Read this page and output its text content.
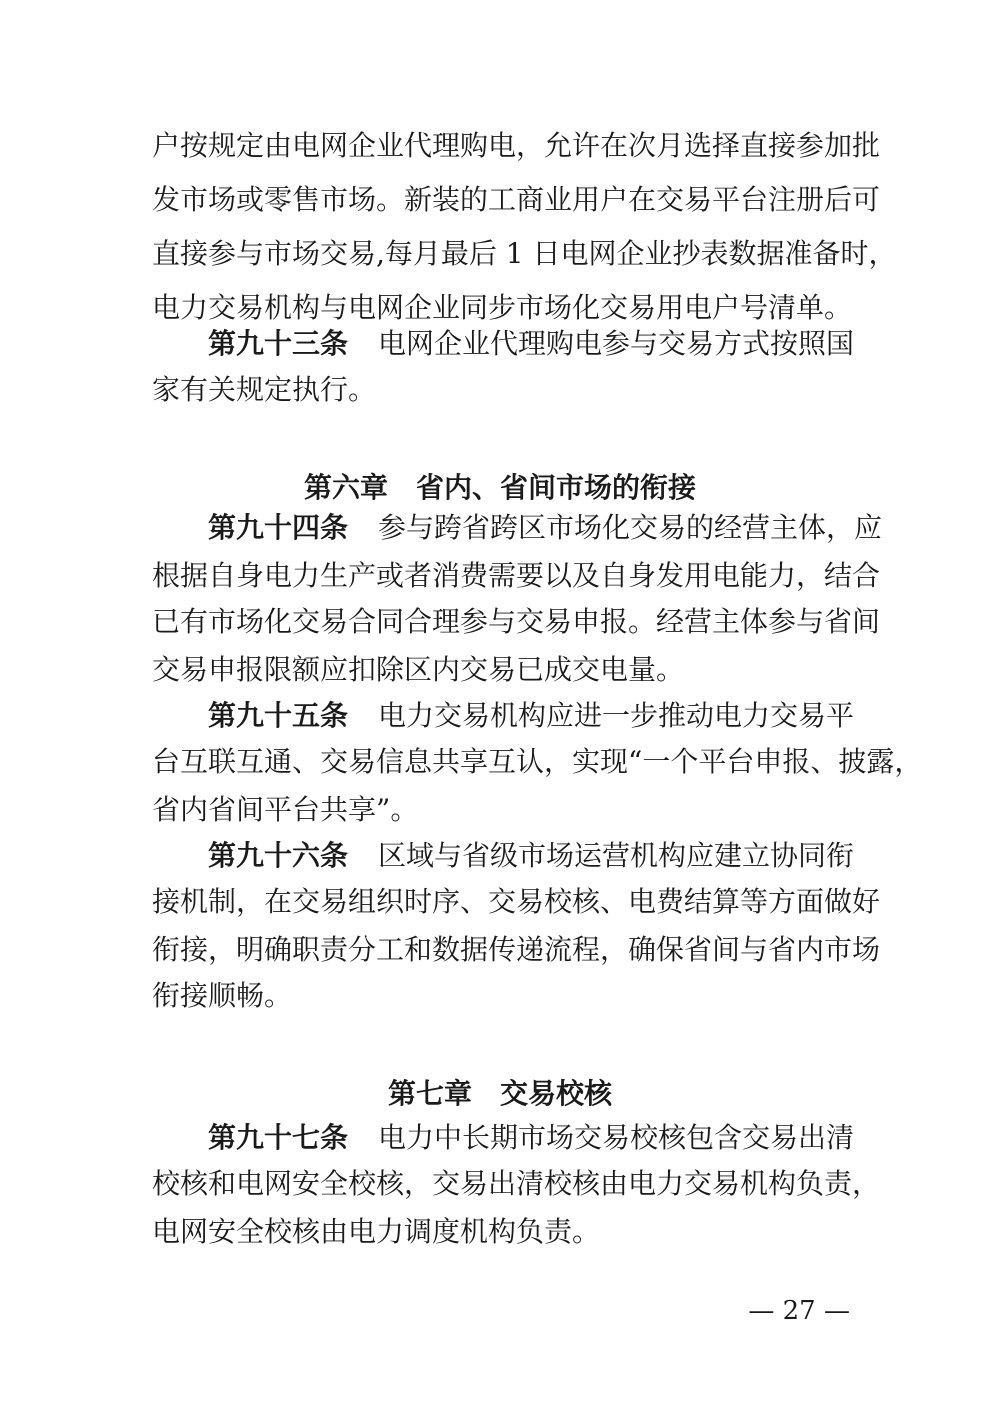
户按规定由电网企业代理购电，允许在次月选择直接参加批
发市场或零售市场。新装的工商业用户在交易平台注册后可
直接参与市场交易,每月最后 1 日电网企业抄表数据准备时，
电力交易机构与电网企业同步市场化交易用电户号清单。
第九十三条 电网企业代理购电参与交易方式按照国
家有关规定执行。
第六章 省内、省间市场的衔接
第九十四条 参与跨省跨区市场化交易的经营主体，应
根据自身电力生产或者消费需要以及自身发用电能力，结合
已有市场化交易合同合理参与交易申报。经营主体参与省间
交易申报限额应扣除区内交易已成交电量。
第九十五条 电力交易机构应进一步推动电力交易平
台互联互通、交易信息共享互认，实现“一个平台申报、披露，
省内省间平台共享”。
第九十六条 区域与省级市场运营机构应建立协同衔
接机制，在交易组织时序、交易校核、电费结算等方面做好
衔接，明确职责分工和数据传递流程，确保省间与省内市场
衔接顺畅。
第七章 交易校核
第九十七条 电力中长期市场交易校核包含交易出清
校核和电网安全校核，交易出清校核由电力交易机构负责，
电网安全校核由电力调度机构负责。
— 27 —
